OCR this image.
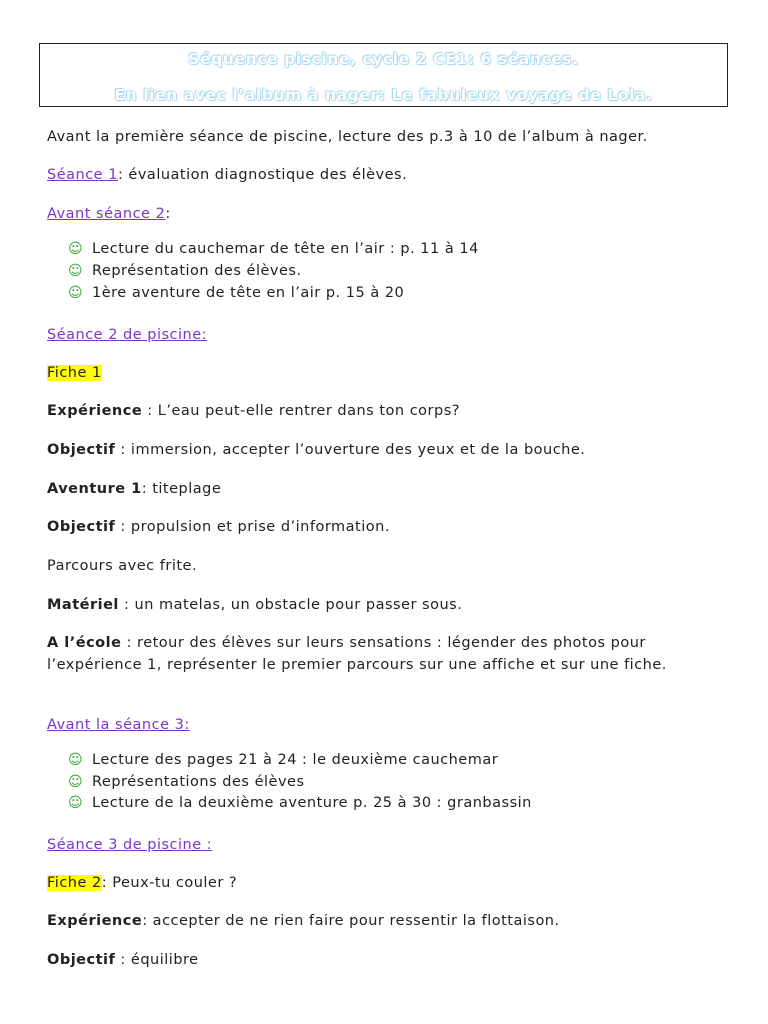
Séquence piscine, cycle 2 CE1: 6 séances.
En lien avec l’album à nager: Le fabuleux voyage de Lola.
Avant la première séance de piscine, lecture des p.3 à 10 de l’album à nager.
Séance 1: évaluation diagnostique des élèves.
Avant séance 2:
☺ Lecture du cauchemar de tête en l’air : p. 11 à 14
☺ Représentation des élèves.
☺ 1ère aventure de tête en l’air p. 15 à 20
Séance 2 de piscine:
Fiche 1
Expérience : L’eau peut-elle rentrer dans ton corps?
Objectif : immersion, accepter l’ouverture des yeux et de la bouche.
Aventure 1: titeplage
Objectif : propulsion et prise d’information.
Parcours avec frite.
Matériel : un matelas, un obstacle pour passer sous.
A l’école : retour des élèves sur leurs sensations : légender des photos pour l’expérience 1, représenter le premier parcours sur une affiche et sur une fiche.
Avant la séance 3:
☺ Lecture des pages 21 à 24 : le deuxième cauchemar
☺ Représentations des élèves
☺ Lecture de la deuxième aventure p. 25 à 30 : granbassin
Séance 3 de piscine :
Fiche 2: Peux-tu couler ?
Expérience: accepter de ne rien faire pour ressentir la flottaison.
Objectif : équilibre
